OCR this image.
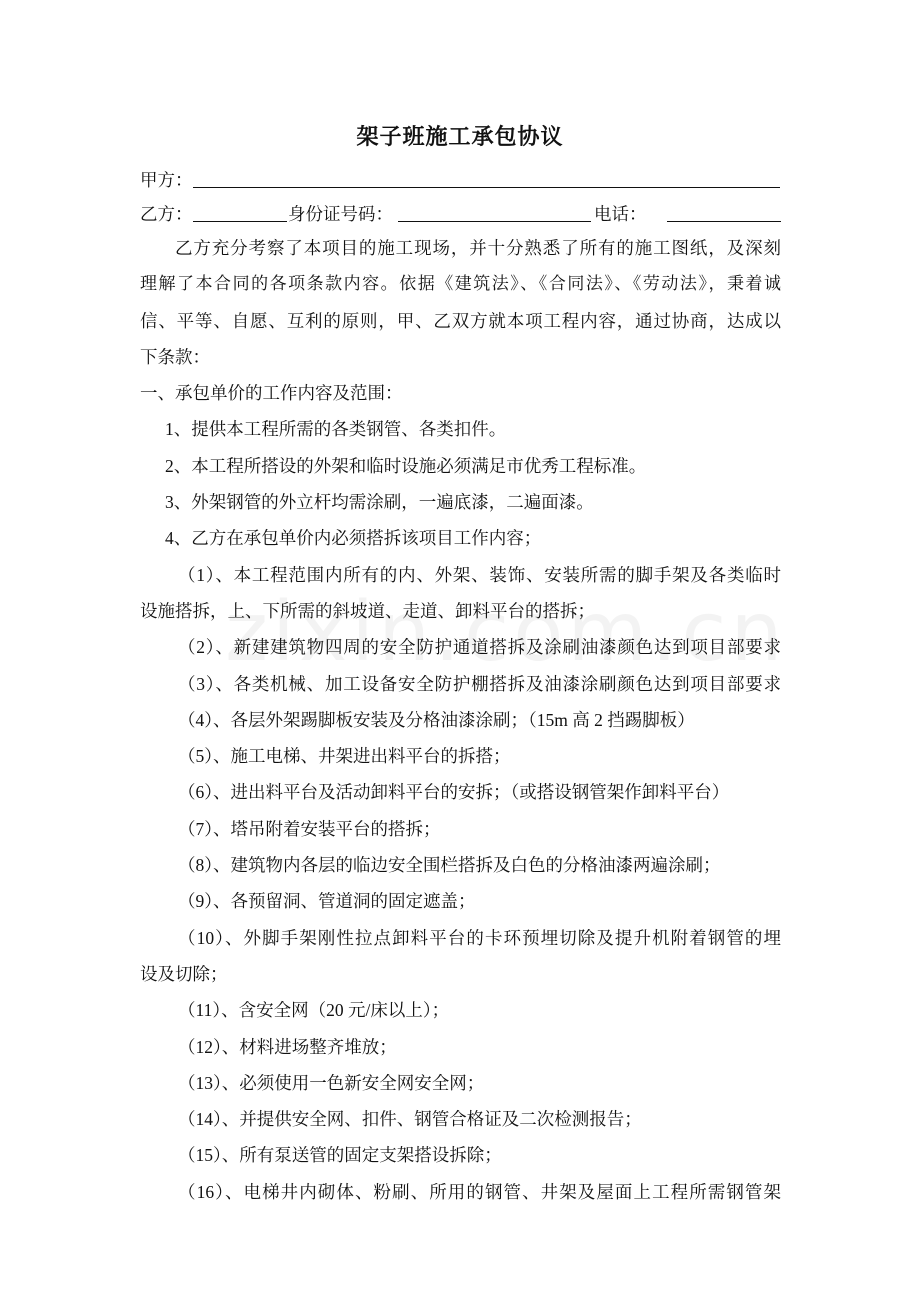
架子班施工承包协议
甲方：
乙方：	身份证号码：	电话：
乙方充分考察了本项目的施工现场，并十分熟悉了所有的施工图纸，及深刻
理解了本合同的各项条款内容。依据《建筑法》、《合同法》、《劳动法》，秉着诚
信、平等、自愿、互利的原则，甲、乙双方就本项工程内容，通过协商，达成以
下条款：
一、承包单价的工作内容及范围：
1、提供本工程所需的各类钢管、各类扣件。
2、本工程所搭设的外架和临时设施必须满足市优秀工程标准。
3、外架钢管的外立杆均需涂刷，一遍底漆，二遍面漆。
4、乙方在承包单价内必须搭拆该项目工作内容；
（1）、本工程范围内所有的内、外架、装饰、安装所需的脚手架及各类临时
设施搭拆，上、下所需的斜坡道、走道、卸料平台的搭拆；
（2）、新建建筑物四周的安全防护通道搭拆及涂刷油漆颜色达到项目部要求
（3）、各类机械、加工设备安全防护棚搭拆及油漆涂刷颜色达到项目部要求
（4）、各层外架踢脚板安装及分格油漆涂刷；（15m 高 2 挡踢脚板）
（5）、施工电梯、井架进出料平台的拆搭；
（6）、进出料平台及活动卸料平台的安拆；（或搭设钢管架作卸料平台）
（7）、塔吊附着安装平台的搭拆；
（8）、建筑物内各层的临边安全围栏搭拆及白色的分格油漆两遍涂刷；
（9）、各预留洞、管道洞的固定遮盖；
（10）、外脚手架刚性拉点卸料平台的卡环预埋切除及提升机附着钢管的埋
设及切除；
（11）、含安全网（20 元/床以上）；
（12）、材料进场整齐堆放；
（13）、必须使用一色新安全网安全网；
（14）、并提供安全网、扣件、钢管合格证及二次检测报告；
（15）、所有泵送管的固定支架搭设拆除；
（16）、电梯井内砌体、粉刷、所用的钢管、井架及屋面上工程所需钢管架
